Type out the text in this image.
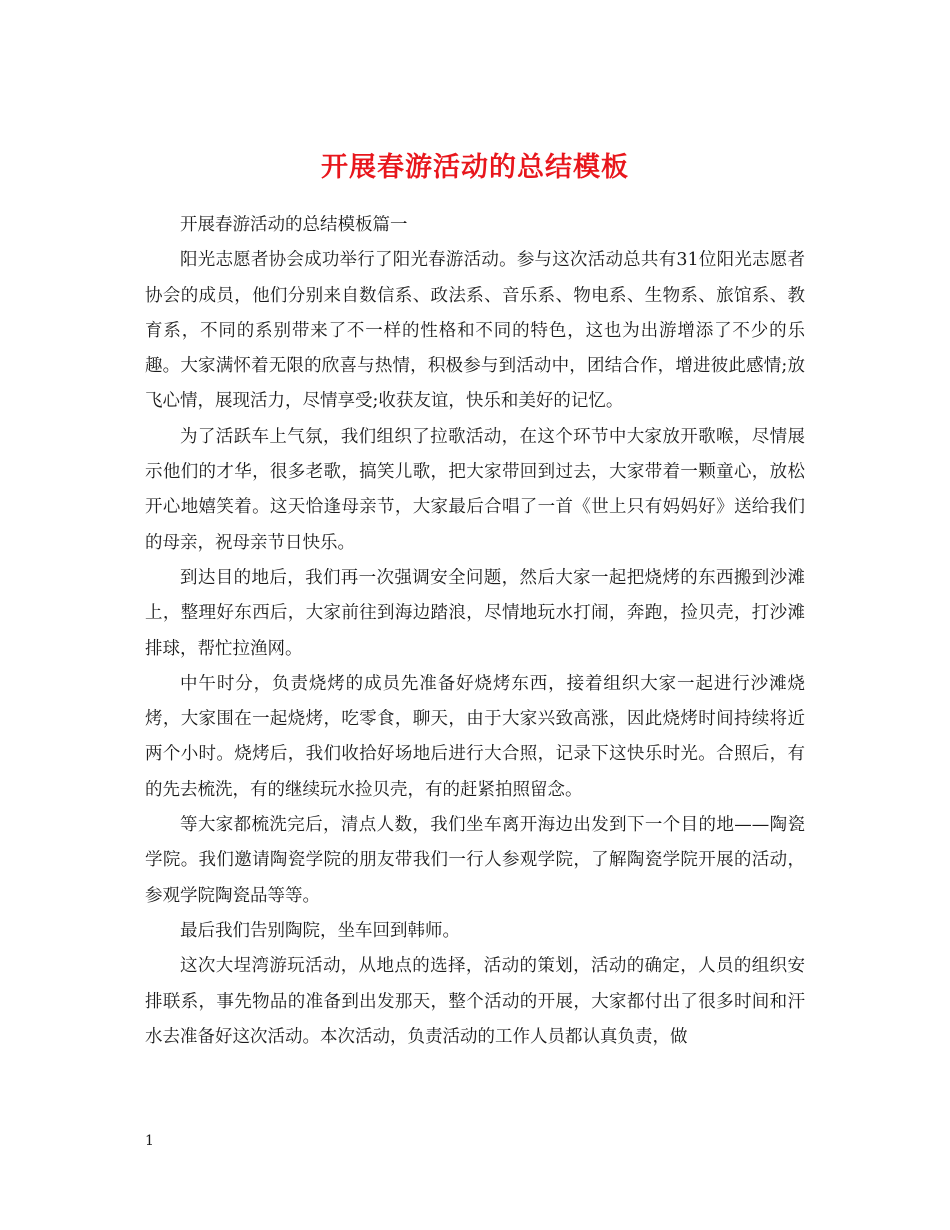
开展春游活动的总结模板

开展春游活动的总结模板篇一

阳光志愿者协会成功举行了阳光春游活动。参与这次活动总共有31位阳光志愿者协会的成员，他们分别来自数信系、政法系、音乐系、物电系、生物系、旅馆系、教育系，不同的系别带来了不一样的性格和不同的特色，这也为出游增添了不少的乐趣。大家满怀着无限的欣喜与热情，积极参与到活动中，团结合作，增进彼此感情;放飞心情，展现活力，尽情享受;收获友谊，快乐和美好的记忆。

为了活跃车上气氛，我们组织了拉歌活动，在这个环节中大家放开歌喉，尽情展示他们的才华，很多老歌，搞笑儿歌，把大家带回到过去，大家带着一颗童心，放松开心地嬉笑着。这天恰逢母亲节，大家最后合唱了一首《世上只有妈妈好》送给我们的母亲，祝母亲节日快乐。

到达目的地后，我们再一次强调安全问题，然后大家一起把烧烤的东西搬到沙滩上，整理好东西后，大家前往到海边踏浪，尽情地玩水打闹，奔跑，捡贝壳，打沙滩排球，帮忙拉渔网。

中午时分，负责烧烤的成员先准备好烧烤东西，接着组织大家一起进行沙滩烧烤，大家围在一起烧烤，吃零食，聊天，由于大家兴致高涨，因此烧烤时间持续将近两个小时。烧烤后，我们收拾好场地后进行大合照，记录下这快乐时光。合照后，有的先去梳洗，有的继续玩水捡贝壳，有的赶紧拍照留念。

等大家都梳洗完后，清点人数，我们坐车离开海边出发到下一个目的地——陶瓷学院。我们邀请陶瓷学院的朋友带我们一行人参观学院，了解陶瓷学院开展的活动，参观学院陶瓷品等等。

最后我们告别陶院，坐车回到韩师。

这次大埕湾游玩活动，从地点的选择，活动的策划，活动的确定，人员的组织安排联系，事先物品的准备到出发那天，整个活动的开展，大家都付出了很多时间和汗水去准备好这次活动。本次活动，负责活动的工作人员都认真负责，做

1
